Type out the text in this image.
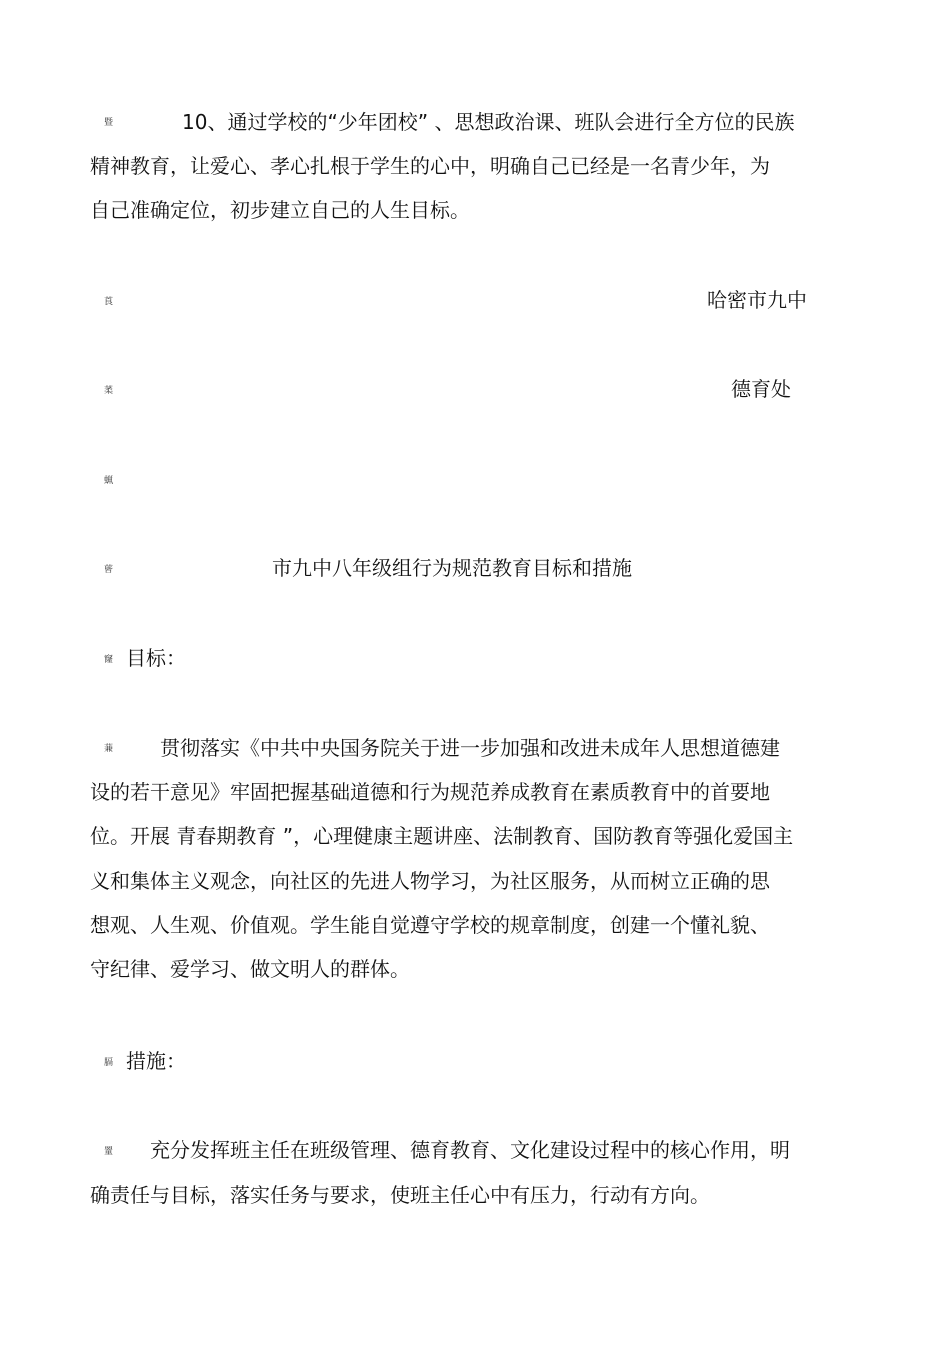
暨	10、通过学校的“少年团校” 、思想政治课、班队会进行全方位的民族
精神教育，让爱心、孝心扎根于学生的心中，明确自己已经是一名青少年，为
自己准确定位，初步建立自己的人生目标。
莨	哈密市九中
葇	德育处
蝋
蒈	市九中八年级组行为规范教育目标和措施
窿 目标：
蒹 贯彻落实《中共中央国务院关于进一步加强和改进未成年人思想道德建
设的若干意见》牢固把握基础道德和行为规范养成教育在素质教育中的首要地
位。开展 青春期教育 ”，心理健康主题讲座、法制教育、国防教育等强化爱国主
义和集体主义观念，向社区的先进人物学习，为社区服务，从而树立正确的思
想观、人生观、价值观。学生能自觉遵守学校的规章制度，创建一个懂礼貌、
守纪律、爱学习、做文明人的群体。
膈 措施：
罿 充分发挥班主任在班级管理、德育教育、文化建设过程中的核心作用，明
确责任与目标，落实任务与要求，使班主任心中有压力，行动有方向。
